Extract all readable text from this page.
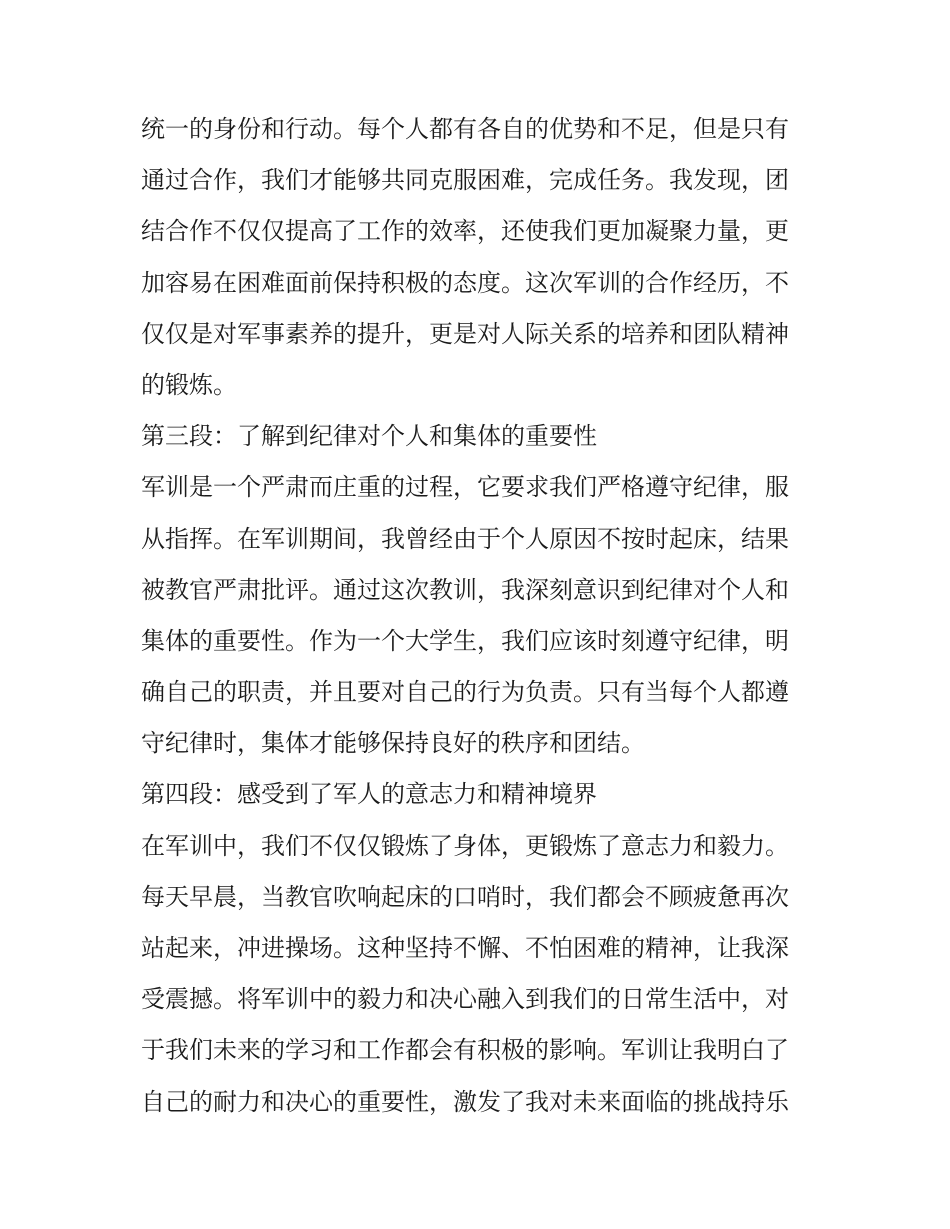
统一的身份和行动。每个人都有各自的优势和不足，但是只有

通过合作，我们才能够共同克服困难，完成任务。我发现，团

结合作不仅仅提高了工作的效率，还使我们更加凝聚力量，更

加容易在困难面前保持积极的态度。这次军训的合作经历，不

仅仅是对军事素养的提升，更是对人际关系的培养和团队精神

的锻炼。

第三段：了解到纪律对个人和集体的重要性

军训是一个严肃而庄重的过程，它要求我们严格遵守纪律，服

从指挥。在军训期间，我曾经由于个人原因不按时起床，结果

被教官严肃批评。通过这次教训，我深刻意识到纪律对个人和

集体的重要性。作为一个大学生，我们应该时刻遵守纪律，明

确自己的职责，并且要对自己的行为负责。只有当每个人都遵

守纪律时，集体才能够保持良好的秩序和团结。

第四段：感受到了军人的意志力和精神境界

在军训中，我们不仅仅锻炼了身体，更锻炼了意志力和毅力。

每天早晨，当教官吹响起床的口哨时，我们都会不顾疲惫再次

站起来，冲进操场。这种坚持不懈、不怕困难的精神，让我深

受震撼。将军训中的毅力和决心融入到我们的日常生活中，对

于我们未来的学习和工作都会有积极的影响。军训让我明白了

自己的耐力和决心的重要性，激发了我对未来面临的挑战持乐
